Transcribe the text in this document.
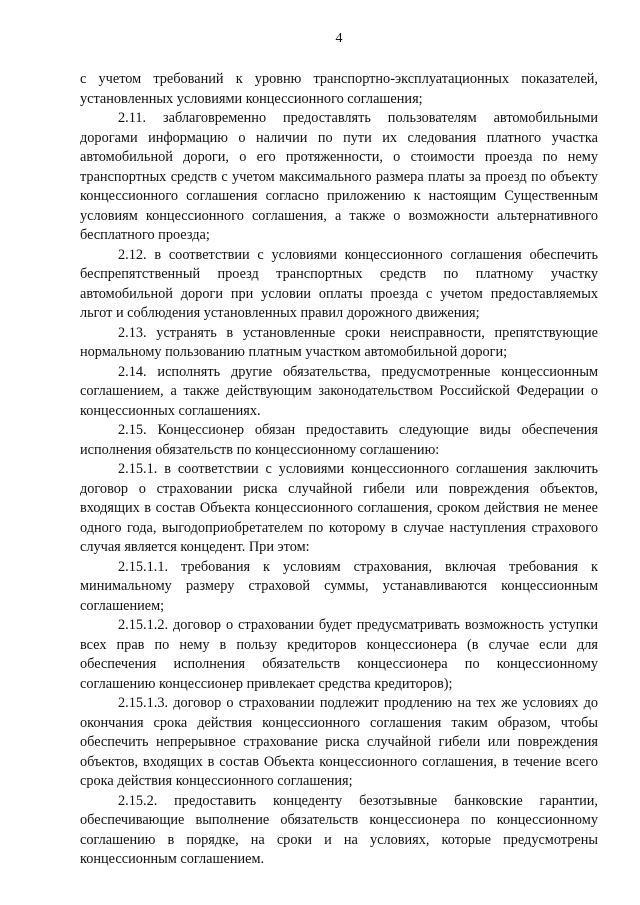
4

с учетом требований к уровню транспортно-эксплуатационных показателей, установленных условиями концессионного соглашения;

2.11. заблаговременно предоставлять пользователям автомобильными дорогами информацию о наличии по пути их следования платного участка автомобильной дороги, о его протяженности, о стоимости проезда по нему транспортных средств с учетом максимального размера платы за проезд по объекту концессионного соглашения согласно приложению к настоящим Существенным условиям концессионного соглашения, а также о возможности альтернативного бесплатного проезда;

2.12. в соответствии с условиями концессионного соглашения обеспечить беспрепятственный проезд транспортных средств по платному участку автомобильной дороги при условии оплаты проезда с учетом предоставляемых льгот и соблюдения установленных правил дорожного движения;

2.13. устранять в установленные сроки неисправности, препятствующие нормальному пользованию платным участком автомобильной дороги;

2.14. исполнять другие обязательства, предусмотренные концессионным соглашением, а также действующим законодательством Российской Федерации о концессионных соглашениях.

2.15. Концессионер обязан предоставить следующие виды обеспечения исполнения обязательств по концессионному соглашению:

2.15.1. в соответствии с условиями концессионного соглашения заключить договор о страховании риска случайной гибели или повреждения объектов, входящих в состав Объекта концессионного соглашения, сроком действия не менее одного года, выгодоприобретателем по которому в случае наступления страхового случая является концедент. При этом:

2.15.1.1. требования к условиям страхования, включая требования к минимальному размеру страховой суммы, устанавливаются концессионным соглашением;

2.15.1.2. договор о страховании будет предусматривать возможность уступки всех прав по нему в пользу кредиторов концессионера (в случае если для обеспечения исполнения обязательств концессионера по концессионному соглашению концессионер привлекает средства кредиторов);

2.15.1.3. договор о страховании подлежит продлению на тех же условиях до окончания срока действия концессионного соглашения таким образом, чтобы обеспечить непрерывное страхование риска случайной гибели или повреждения объектов, входящих в состав Объекта концессионного соглашения, в течение всего срока действия концессионного соглашения;

2.15.2. предоставить концеденту безотзывные банковские гарантии, обеспечивающие выполнение обязательств концессионера по концессионному соглашению в порядке, на сроки и на условиях, которые предусмотрены концессионным соглашением.
